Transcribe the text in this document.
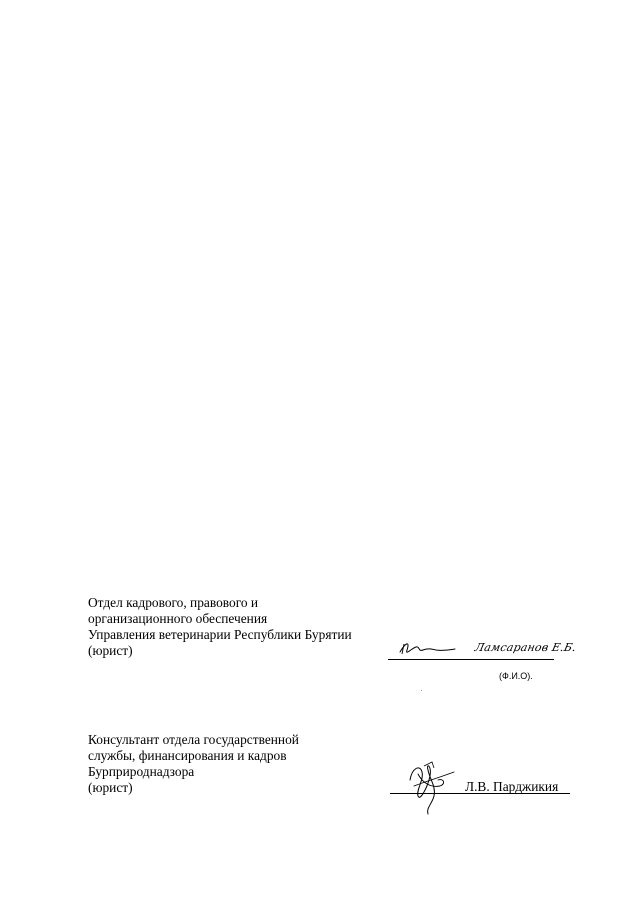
Отдел кадрового, правового и
организационного обеспечения
Управления ветеринарии Республики Бурятии
(юрист)	Ламсаранов Е.Б.
(Ф.И.О).
Консультант отдела государственной
службы, финансирования и кадров
Бурприроднадзора
(юрист)	Л.В. Парджикия
